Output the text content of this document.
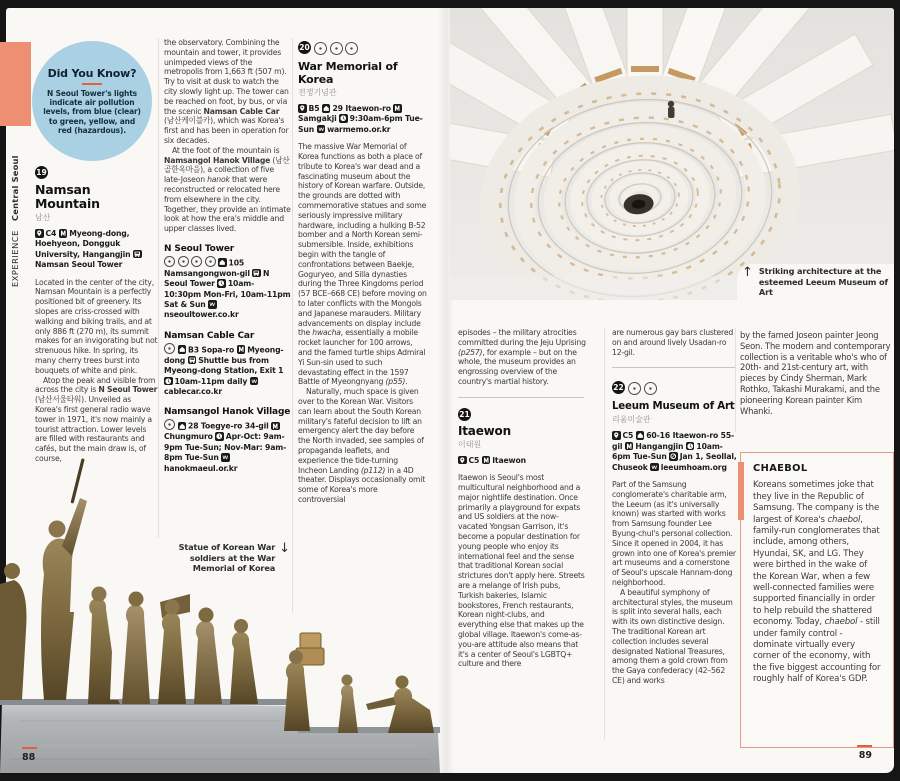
EXPERIENCE Central Seoul
Did You Know?
N Seoul Tower's lights indicate air pollution levels, from blue (clear) to green, yellow, and red (hazardous).
19
Namsan Mountain
남산

C4
Myeong-dong, Hoehyeon, Dongguk University, Hangangjin
Namsan Seoul Tower

Located in the center of the city, Namsan Mountain is a perfectly positioned bit of greenery. Its slopes are criss-crossed with walking and biking trails, and at only 886 ft (270 m), its summit makes for an invigorating but not strenuous hike. In spring, its many cherry trees burst into bouquets of white and pink.

Atop the peak and visible from across the city is N Seoul Tower (남산서울타워). Unveiled as Korea's first general radio wave tower in 1971, it's now mainly a tourist attraction. Lower levels are filled with restaurants and cafés, but the main draw is, of course,

the observatory. Combining the mountain and tower, it provides unimpeded views of the metropolis from 1,663 ft (507 m). Try to visit at dusk to watch the city slowly light up. The tower can be reached on foot, by bus, or via the scenic Namsan Cable Car (남산케이블카), which was Korea's first and has been in operation for six decades.

At the foot of the mountain is Namsangol Hanok Village (남산골한옥마을), a collection of five late-Joseon hanok that were reconstructed or relocated here from elsewhere in the city. Together, they provide an intimate look at how the era's middle and upper classes lived.

N Seoul Tower

105 Namsangongwon-gil
N Seoul Tower
10am-10:30pm Mon-Fri, 10am-11pm Sat & Sun
nseoultower.co.kr

Namsan Cable Car

B3 Sopa-ro
Myeong-dong
Shuttle bus from Myeong-dong Station, Exit 1
10am-11pm daily
cablecar.co.kr

Namsangol Hanok Village

28 Toegye-ro 34-gil
Chungmuro
Apr-Oct: 9am-9pm Tue-Sun; Nov-Mar: 9am-8pm Tue-Sun
hanokmaeul.or.kr

20
War Memorial of Korea
전쟁기념관

B5
29 Itaewon-ro
Samgakji
9:30am-6pm Tue-Sun
warmemo.or.kr

The massive War Memorial of Korea functions as both a place of tribute to Korea's war dead and a fascinating museum about the history of Korean warfare. Outside, the grounds are dotted with commemorative statues and some seriously impressive military hardware, including a hulking B-52 bomber and a North Korean semi-submersible. Inside, exhibitions begin with the tangle of confrontations between Baekje, Goguryeo, and Silla dynasties during the Three Kingdoms period (57 BCE–668 CE) before moving on to later conflicts with the Mongols and Japanese marauders. Military advancements on display include the hwacha, essentially a mobile rocket launcher for 100 arrows, and the famed turtle ships Admiral Yi Sun-sin used to such devastating effect in the 1597 Battle of Myeongnyang (p55).

Naturally, much space is given over to the Korean War. Visitors can learn about the South Korean military's fateful decision to lift an emergency alert the day before the North invaded, see samples of propaganda leaflets, and experience the tide-turning Incheon Landing (p112) in a 4D theater. Displays occasionally omit some of Korea's more controversial

Statue of Korean War soldiers at the War Memorial of Korea
↓
↑ Striking architecture at the esteemed Leeum Museum of Art

episodes – the military atrocities committed during the Jeju Uprising (p257), for example – but on the whole, the museum provides an engrossing overview of the country's martial history.

21
Itaewon
이태원

C5
Itaewon

Itaewon is Seoul's most multicultural neighborhood and a major nightlife destination. Once primarily a playground for expats and US soldiers at the now-vacated Yongsan Garrison, it's become a popular destination for young people who enjoy its international feel and the sense that traditional Korean social strictures don't apply here. Streets are a melange of Irish pubs, Turkish bakeries, Islamic bookstores, French restaurants, Korean night-clubs, and everything else that makes up the global village. Itaewon's come-as-you-are attitude also means that it's a center of Seoul's LGBTQ+ culture and there

are numerous gay bars clustered on and around lively Usadan-ro 12-gil.

22
Leeum Museum of Art
리움미술관

C5
60-16 Itaewon-ro 55-gil
Hangangjin
10am-6pm Tue-Sun
Jan 1, Seollal, Chuseok
leeumhoam.org

Part of the Samsung conglomerate's charitable arm, the Leeum (as it's universally known) was started with works from Samsung founder Lee Byung-chul's personal collection. Since it opened in 2004, it has grown into one of Korea's premier art museums and a cornerstone of Seoul's upscale Hannam-dong neighborhood.

A beautiful symphony of architectural styles, the museum is split into several halls, each with its own distinctive design. The traditional Korean art collection includes several designated National Treasures, among them a gold crown from the Gaya confederacy (42–562 CE) and works

by the famed Joseon painter Jeong Seon. The modern and contemporary collection is a veritable who's who of 20th- and 21st-century art, with pieces by Cindy Sherman, Mark Rothko, Takashi Murakami, and the pioneering Korean painter Kim Whanki.

CHAEBOL
Koreans sometimes joke that they live in the Republic of Samsung. The company is the largest of Korea's chaebol, family-run conglomerates that include, among others, Hyundai, SK, and LG. They were birthed in the wake of the Korean War, when a few well-connected families were supported financially in order to help rebuild the shattered economy. Today, chaebol - still under family control - dominate virtually every corner of the economy, with the five biggest accounting for roughly half of Korea's GDP.
88	89
